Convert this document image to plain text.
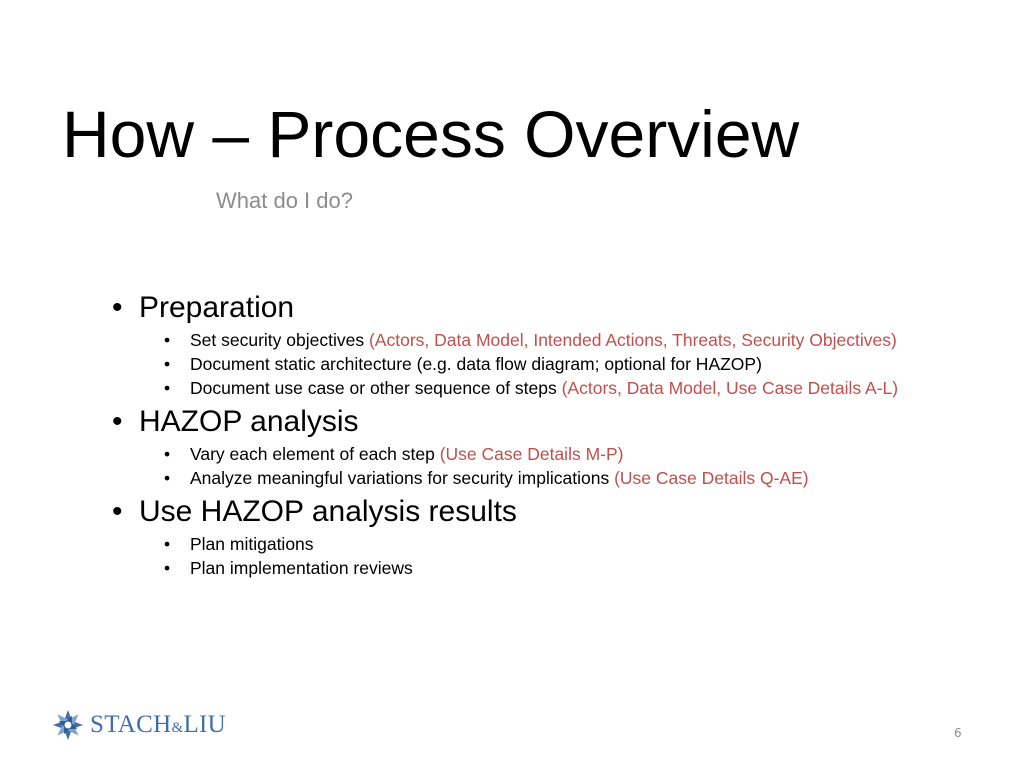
How – Process Overview
What do I do?
• Preparation
•	Set security objectives (Actors, Data Model, Intended Actions, Threats, Security Objectives)
•	Document static architecture (e.g. data flow diagram; optional for HAZOP)
•	Document use case or other sequence of steps (Actors, Data Model, Use Case Details A-L)
• HAZOP analysis
•	Vary each element of each step (Use Case Details M-P)
•	Analyze meaningful variations for security implications (Use Case Details Q-AE)
• Use HAZOP analysis results
•	Plan mitigations
•	Plan implementation reviews
STACH&LIU	6
